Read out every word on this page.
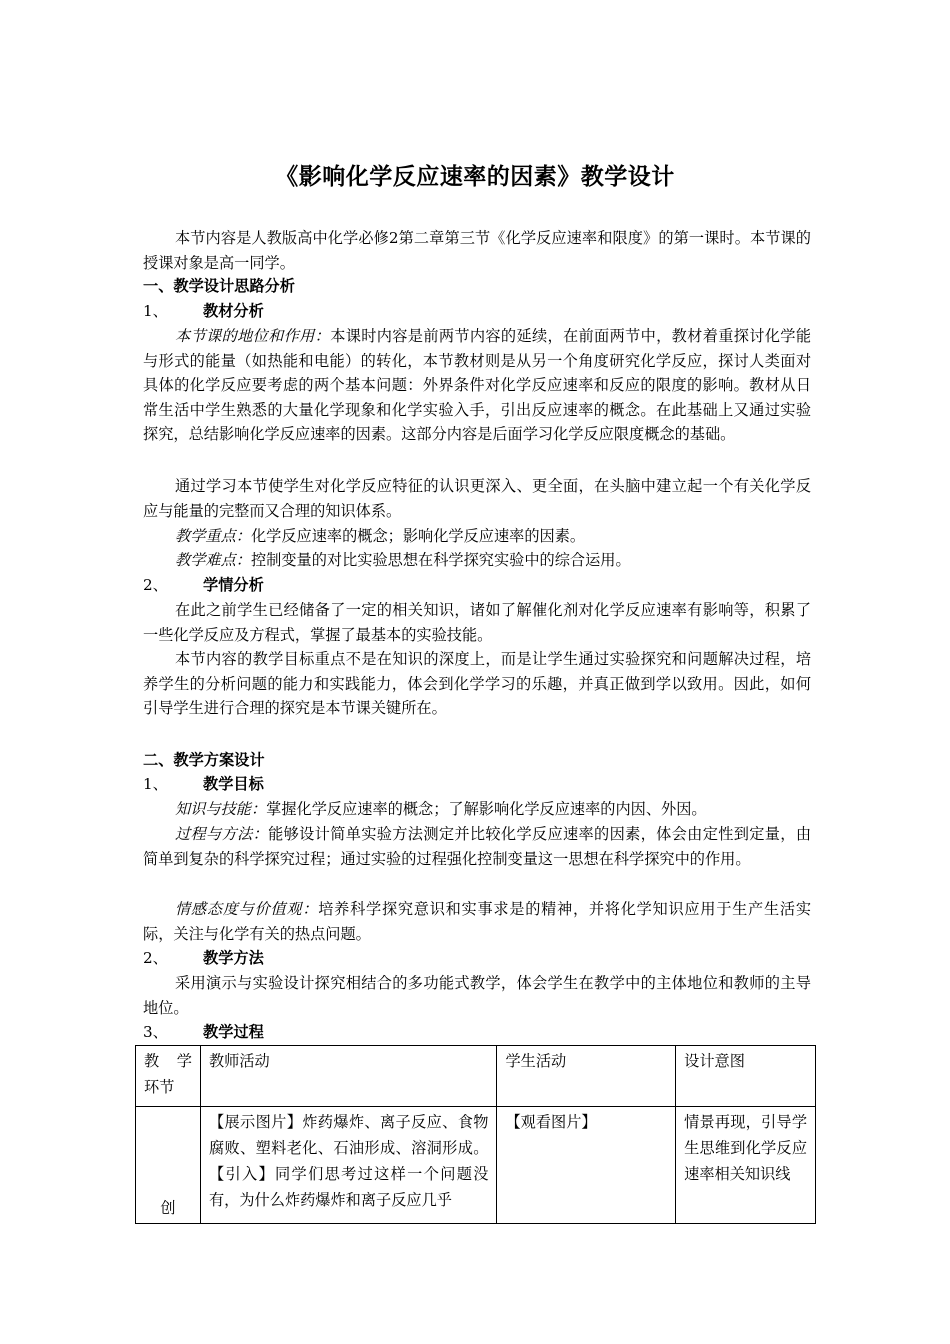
《影响化学反应速率的因素》教学设计
本节内容是人教版高中化学必修2第二章第三节《化学反应速率和限度》的第一课时。本节课的授课对象是高一同学。
一、教学设计思路分析
1、 教材分析
本节课的地位和作用：本课时内容是前两节内容的延续，在前面两节中，教材着重探讨化学能与形式的能量（如热能和电能）的转化，本节教材则是从另一个角度研究化学反应，探讨人类面对具体的化学反应要考虑的两个基本问题：外界条件对化学反应速率和反应的限度的影响。教材从日常生活中学生熟悉的大量化学现象和化学实验入手，引出反应速率的概念。在此基础上又通过实验探究，总结影响化学反应速率的因素。这部分内容是后面学习化学反应限度概念的基础。
通过学习本节使学生对化学反应特征的认识更深入、更全面，在头脑中建立起一个有关化学反应与能量的完整而又合理的知识体系。
教学重点：化学反应速率的概念；影响化学反应速率的因素。
教学难点：控制变量的对比实验思想在科学探究实验中的综合运用。
2、 学情分析
在此之前学生已经储备了一定的相关知识，诸如了解催化剂对化学反应速率有影响等，积累了一些化学反应及方程式，掌握了最基本的实验技能。
本节内容的教学目标重点不是在知识的深度上，而是让学生通过实验探究和问题解决过程，培养学生的分析问题的能力和实践能力，体会到化学学习的乐趣，并真正做到学以致用。因此，如何引导学生进行合理的探究是本节课关键所在。
二、教学方案设计
1、 教学目标
知识与技能：掌握化学反应速率的概念；了解影响化学反应速率的内因、外因。
过程与方法：能够设计简单实验方法测定并比较化学反应速率的因素，体会由定性到定量，由简单到复杂的科学探究过程；通过实验的过程强化控制变量这一思想在科学探究中的作用。
情感态度与价值观：培养科学探究意识和实事求是的精神，并将化学知识应用于生产生活实际，关注与化学有关的热点问题。
2、 教学方法
采用演示与实验设计探究相结合的多功能式教学，体会学生在教学中的主体地位和教师的主导地位。
3、 教学过程
教　学环节	教师活动	学生活动	设计意图

创	【展示图片】炸药爆炸、离子反应、食物腐败、塑料老化、石油形成、溶洞形成。【引入】同学们思考过这样一个问题没有，为什么炸药爆炸和离子反应几乎	【观看图片】	情景再现，引导学生思维到化学反应速率相关知识线
